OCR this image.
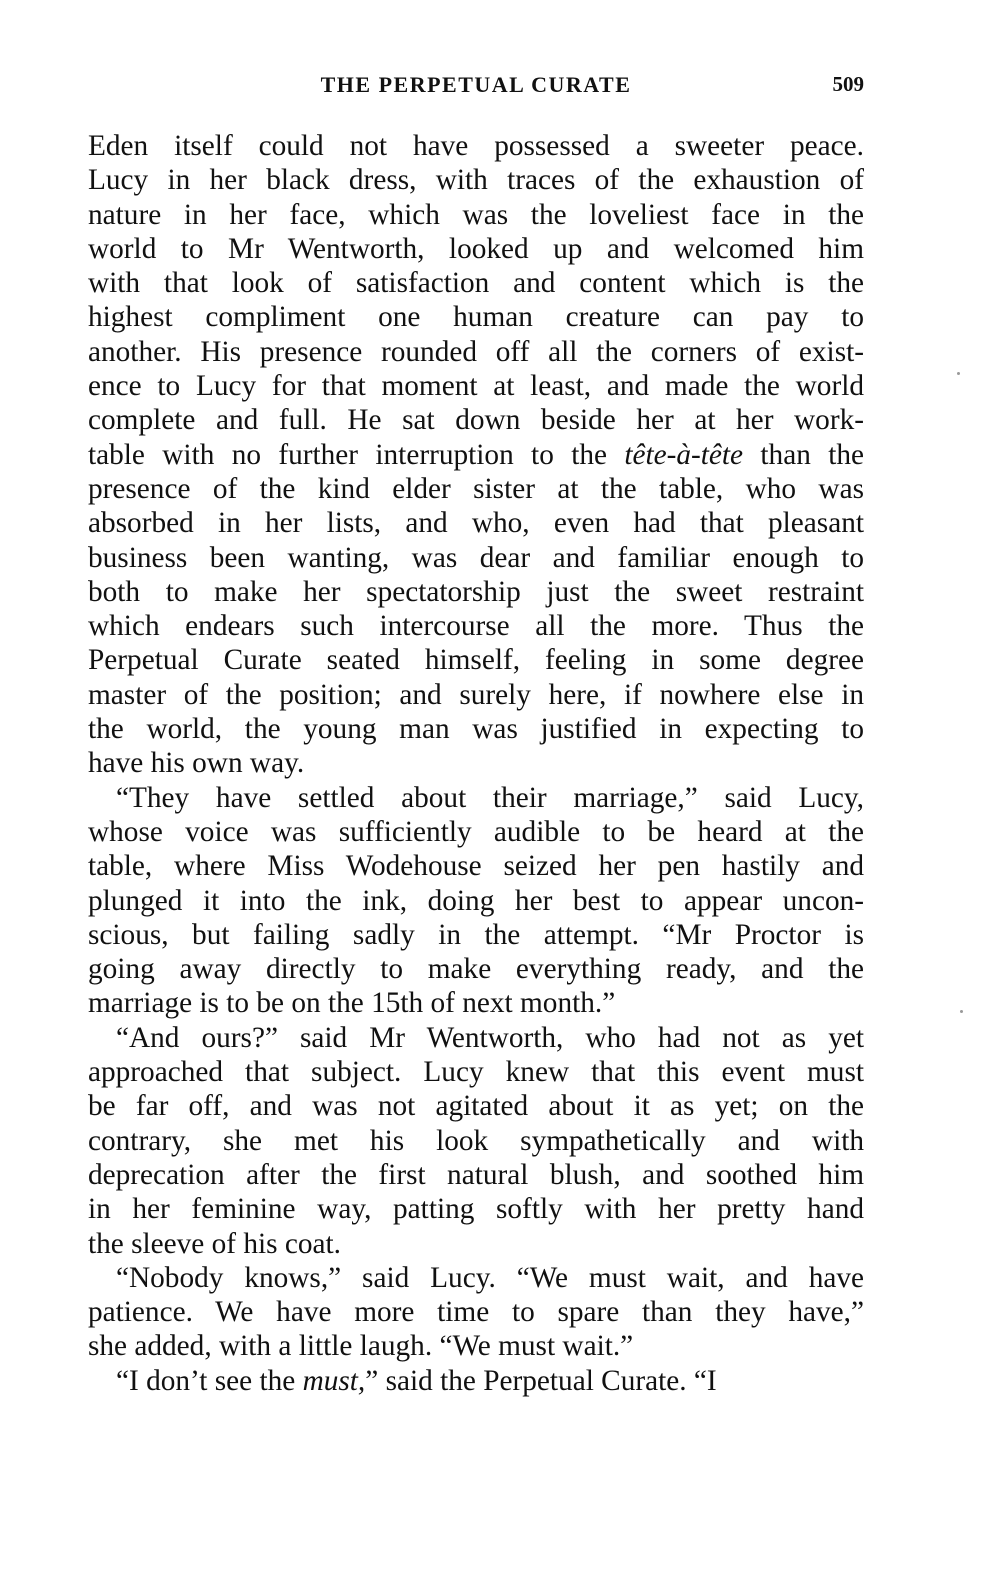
THE PERPETUAL CURATE	509
Eden itself could not have possessed a sweeter peace.
Lucy in her black dress, with traces of the exhaustion of
nature in her face, which was the loveliest face in the
world to Mr Wentworth, looked up and welcomed him
with that look of satisfaction and content which is the
highest compliment one human creature can pay to
another. His presence rounded off all the corners of exist-
ence to Lucy for that moment at least, and made the world
complete and full. He sat down beside her at her work-
table with no further interruption to the tête-à-tête than the
presence of the kind elder sister at the table, who was
absorbed in her lists, and who, even had that pleasant
business been wanting, was dear and familiar enough to
both to make her spectatorship just the sweet restraint
which endears such intercourse all the more. Thus the
Perpetual Curate seated himself, feeling in some degree
master of the position; and surely here, if nowhere else in
the world, the young man was justified in expecting to
have his own way.
“They have settled about their marriage,” said Lucy,
whose voice was sufficiently audible to be heard at the
table, where Miss Wodehouse seized her pen hastily and
plunged it into the ink, doing her best to appear uncon-
scious, but failing sadly in the attempt. “Mr Proctor is
going away directly to make everything ready, and the
marriage is to be on the 15th of next month.”
“And ours?” said Mr Wentworth, who had not as yet
approached that subject. Lucy knew that this event must
be far off, and was not agitated about it as yet; on the
contrary, she met his look sympathetically and with
deprecation after the first natural blush, and soothed him
in her feminine way, patting softly with her pretty hand
the sleeve of his coat.
“Nobody knows,” said Lucy. “We must wait, and have
patience. We have more time to spare than they have,”
she added, with a little laugh. “We must wait.”
“I don’t see the must,” said the Perpetual Curate. “I
